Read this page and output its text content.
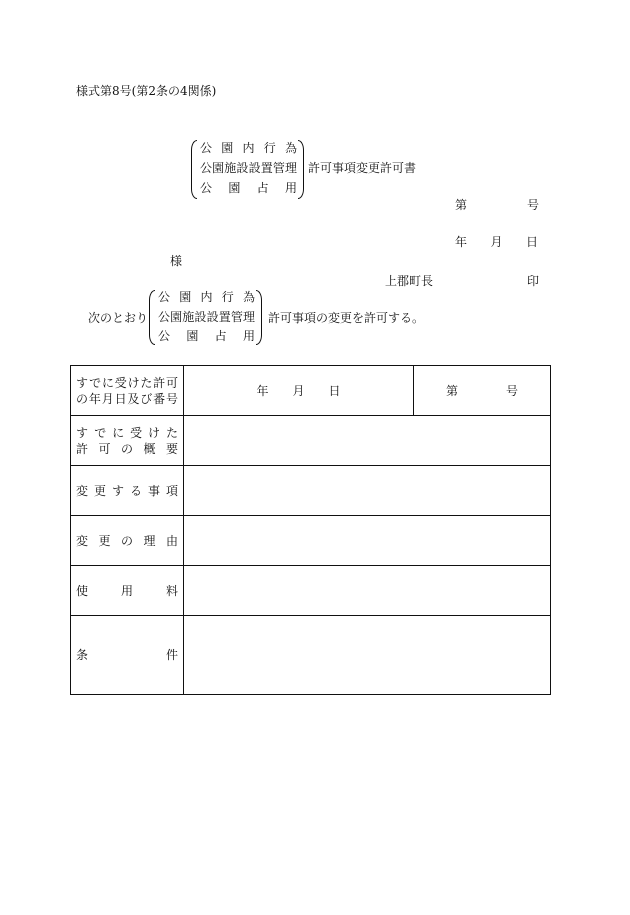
様式第8号(第2条の4関係)
公園内行為
公園施設設置管理
公園占用
許可事項変更許可書
第	号
年 月 日
様
上郡町長	印
次のとおり
公園内行為
公園施設設置管理
公園占用
許可事項の変更を許可する。
すでに受けた許可
の年月日及び番号
年 月 日	第	号
すでに受けた
許可の概要
変更する事項
変更の理由
使用料
条件
